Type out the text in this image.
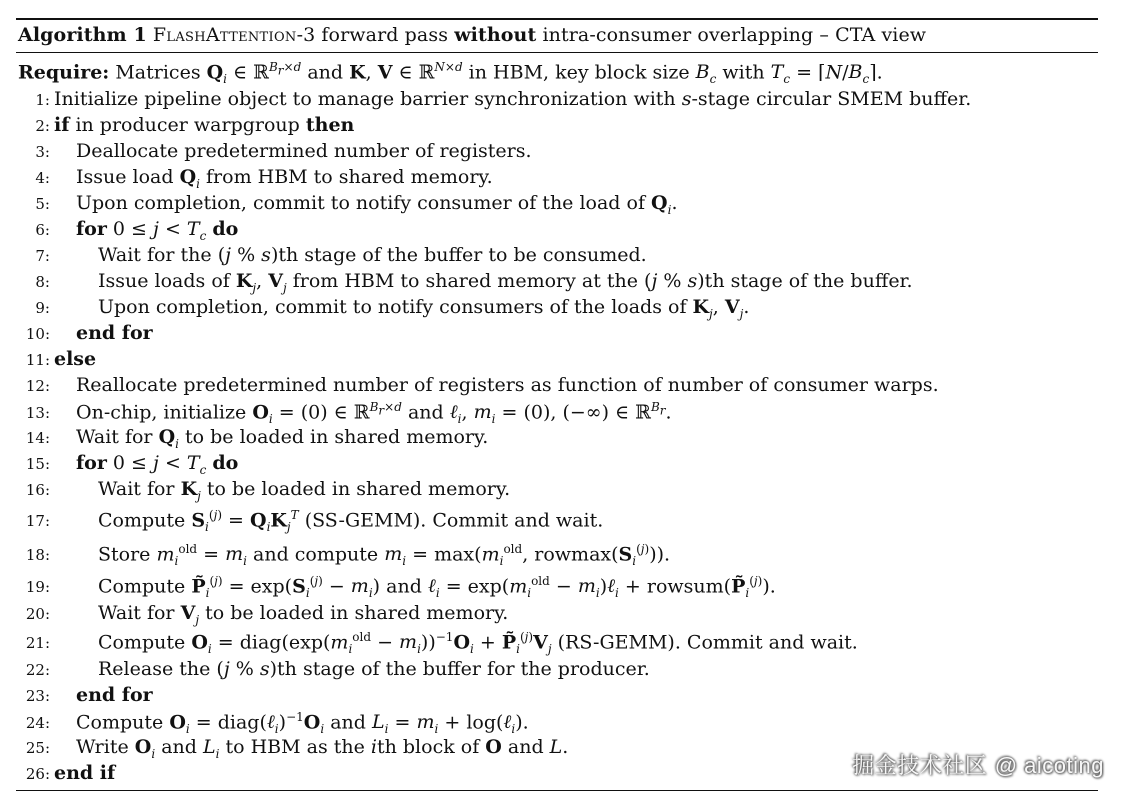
Algorithm 1 FlashAttention-3 forward pass without intra-consumer overlapping – CTA view
Require: Matrices $Q_i$ ∈ ℝ$^{B_r\times d}$ and K, V ∈ ℝ$^{N\times d}$ in HBM, key block size $B_c$ with $T_c$ = $⌈N/B_c⌉$.
1: Initialize pipeline object to manage barrier synchronization with s-stage circular SMEM buffer.
2: if in producer warpgroup then
3:	Deallocate predetermined number of registers.
4:	Issue load $Q_i$ from HBM to shared memory.
5:	Upon completion, commit to notify consumer of the load of $Q_i$.
6:	for $0 \le j < T_c$ do
7:	Wait for the (j % s)th stage of the buffer to be consumed.
8:	Issue loads of $K_j$, $V_j$ from HBM to shared memory at the (j % s)th stage of the buffer.
9:	Upon completion, commit to notify consumers of the loads of $K_j$, $V_j$.
10:	end for
11: else
12:	Reallocate predetermined number of registers as function of number of consumer warps.
13:	On-chip, initialize $O_i = (0)$ ∈ ℝ$^{B_r\times d}$ and ℓ$_i$, $m_i = (0)$, (−∞) ∈ ℝ$^{B_r}$.
14:	Wait for $Q_i$ to be loaded in shared memory.
15:	for $0 \le j < T_c$ do
16:	Wait for $K_j$ to be loaded in shared memory.
17:	Compute $S_i^{(j)} = Q_iK_j^T$ (SS-GEMM). Commit and wait.
18:	Store $m_i^{old} = m_i$ and compute $m_i = \max(m_i^{old}$, $rowmax(S_i^{(j)})$).
19:	Compute $P̃_i^{(j)} = \exp(S_i^{(j)} - m_i)$ and ℓ$_i$ = $\exp(m_i^{old}$ − $m_i)\ell_i$ + $rowsum(P̃_i^{(j)})$.
20:	Wait for $V_j$ to be loaded in shared memory.
21:	Compute $O_i$ = $diag(\exp(m_i^{old} - m_i))^{-1}O_i$ + $P̃_i^{(j)}V_j$ (RS-GEMM). Commit and wait.
22:	Release the (j % s)th stage of the buffer for the producer.
23:	end for
24:	Compute $O_i$ = $diag(\ell_i)^{-1}O_i$ and $L_i = m_i$ + log(ℓ$_i$).
25:	Write $O_i$ and $L_i$ to HBM as the ith block of O and L.
26: end if	掘金技术社区 @ aicoting
